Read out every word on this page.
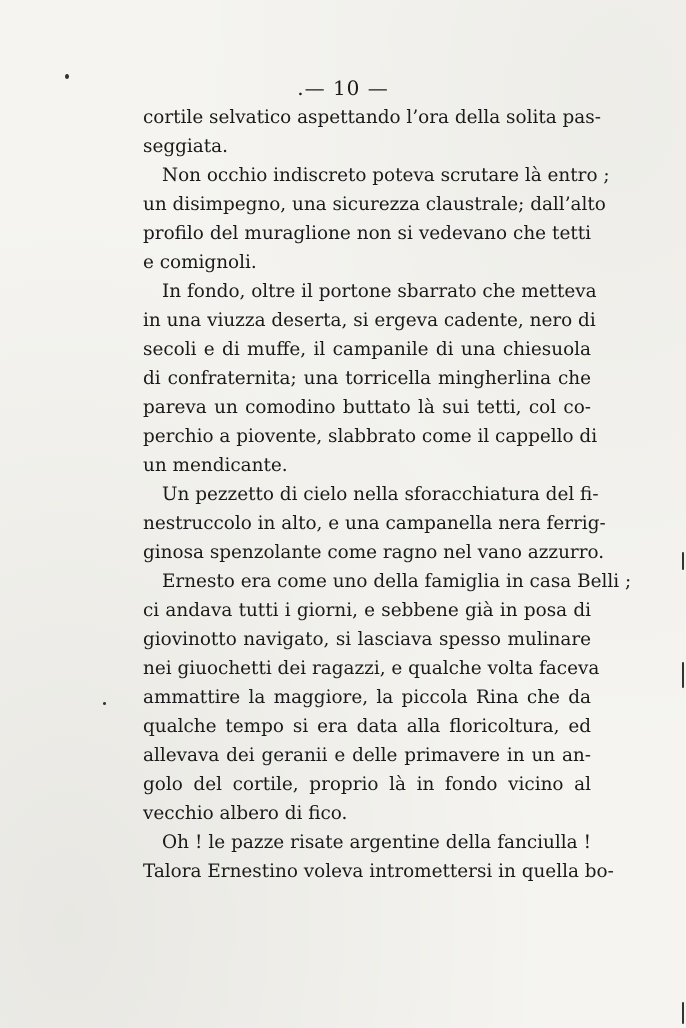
.— 10 —
cortile selvatico aspettando l’ora della solita pas-
seggiata.
Non occhio indiscreto poteva scrutare là entro ;
un disimpegno, una sicurezza claustrale; dall’alto
profilo del muraglione non si vedevano che tetti
e comignoli.
In fondo, oltre il portone sbarrato che metteva
in una viuzza deserta, si ergeva cadente, nero di
secoli e di muffe, il campanile di una chiesuola
di confraternita; una torricella mingherlina che
pareva un comodino buttato là sui tetti, col co-
perchio a piovente, slabbrato come il cappello di
un mendicante.
Un pezzetto di cielo nella sforacchiatura del fi-
nestruccolo in alto, e una campanella nera ferrig-
ginosa spenzolante come ragno nel vano azzurro.
Ernesto era come uno della famiglia in casa Belli ;
ci andava tutti i giorni, e sebbene già in posa di
giovinotto navigato, si lasciava spesso mulinare
nei giuochetti dei ragazzi, e qualche volta faceva
ammattire la maggiore, la piccola Rina che da
qualche tempo si era data alla floricoltura, ed
allevava dei geranii e delle primavere in un an-
golo del cortile, proprio là in fondo vicino al
vecchio albero di fico.
Oh ! le pazze risate argentine della fanciulla !
Talora Ernestino voleva intromettersi in quella bo-
